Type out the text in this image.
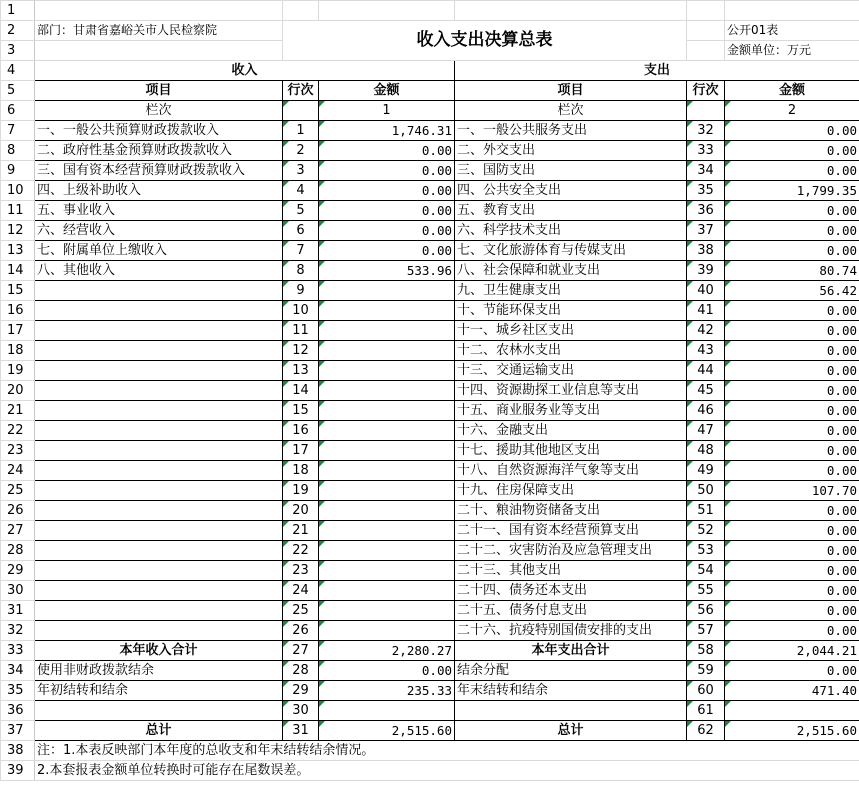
1						
2	部门：甘肃省嘉峪关市人民检察院	收入支出决算总表				公开01表
3						金额单位：万元
4	收入			支出		
5	项目	行次	金额	项目	行次	金额
6	栏次		1	栏次		2
7	一、一般公共预算财政拨款收入	1	1,746.31	一、一般公共服务支出	32	0.00
8	二、政府性基金预算财政拨款收入	2	0.00	二、外交支出	33	0.00
9	三、国有资本经营预算财政拨款收入	3	0.00	三、国防支出	34	0.00
10	四、上级补助收入	4	0.00	四、公共安全支出	35	1,799.35
11	五、事业收入	5	0.00	五、教育支出	36	0.00
12	六、经营收入	6	0.00	六、科学技术支出	37	0.00
13	七、附属单位上缴收入	7	0.00	七、文化旅游体育与传媒支出	38	0.00
14	八、其他收入	8	533.96	八、社会保障和就业支出	39	80.74
15		9		九、卫生健康支出	40	56.42
16		10		十、节能环保支出	41	0.00
17		11		十一、城乡社区支出	42	0.00
18		12		十二、农林水支出	43	0.00
19		13		十三、交通运输支出	44	0.00
20		14		十四、资源勘探工业信息等支出	45	0.00
21		15		十五、商业服务业等支出	46	0.00
22		16		十六、金融支出	47	0.00
23		17		十七、援助其他地区支出	48	0.00
24		18		十八、自然资源海洋气象等支出	49	0.00
25		19		十九、住房保障支出	50	107.70
26		20		二十、粮油物资储备支出	51	0.00
27		21		二十一、国有资本经营预算支出	52	0.00
28		22		二十二、灾害防治及应急管理支出	53	0.00
29		23		二十三、其他支出	54	0.00
30		24		二十四、债务还本支出	55	0.00
31		25		二十五、债务付息支出	56	0.00
32		26		二十六、抗疫特别国债安排的支出	57	0.00
33	本年收入合计	27	2,280.27	本年支出合计	58	2,044.21
34	使用非财政拨款结余	28	0.00	结余分配	59	0.00
35	年初结转和结余	29	235.33	年末结转和结余	60	471.40
36		30			61	
37	总计	31	2,515.60	总计	62	2,515.60
38	注：1.本表反映部门本年度的总收支和年末结转结余情况。					
39	2.本套报表金额单位转换时可能存在尾数误差。					
